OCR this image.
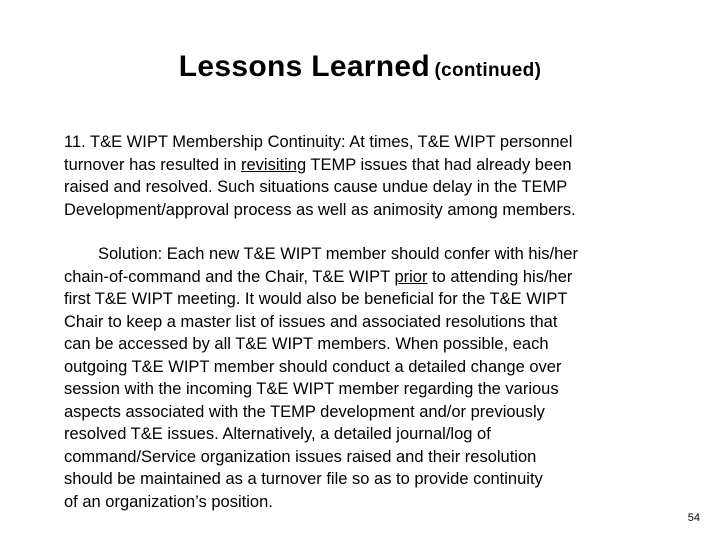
Lessons Learned (continued)
11. T&E WIPT Membership Continuity: At times, T&E WIPT personnel
turnover has resulted in revisiting TEMP issues that had already been
raised and resolved. Such situations cause undue delay in the TEMP
Development/approval process as well as animosity among members.
Solution: Each new T&E WIPT member should confer with his/her
chain-of-command and the Chair, T&E WIPT prior to attending his/her
first T&E WIPT meeting. It would also be beneficial for the T&E WIPT
Chair to keep a master list of issues and associated resolutions that
can be accessed by all T&E WIPT members. When possible, each
outgoing T&E WIPT member should conduct a detailed change over
session with the incoming T&E WIPT member regarding the various
aspects associated with the TEMP development and/or previously
resolved T&E issues. Alternatively, a detailed journal/log of
command/Service organization issues raised and their resolution
should be maintained as a turnover file so as to provide continuity
of an organization’s position.
54
